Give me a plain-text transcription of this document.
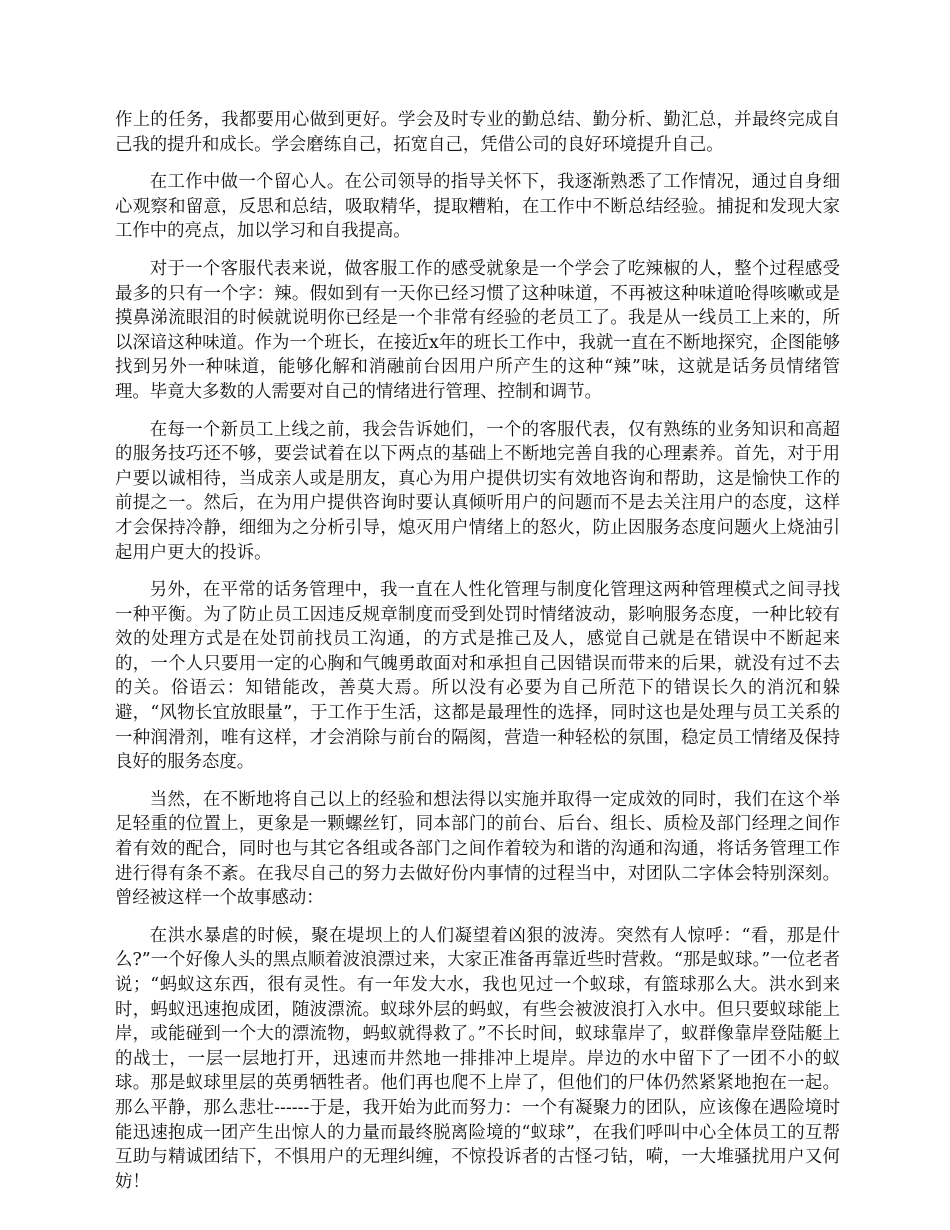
作上的任务，我都要用心做到更好。学会及时专业的勤总结、勤分析、勤汇总，并最终完成自己我的提升和成长。学会磨练自己，拓宽自己，凭借公司的良好环境提升自己。

在工作中做一个留心人。在公司领导的指导关怀下，我逐渐熟悉了工作情况，通过自身细心观察和留意，反思和总结，吸取精华，提取糟粕，在工作中不断总结经验。捕捉和发现大家工作中的亮点，加以学习和自我提高。

对于一个客服代表来说，做客服工作的感受就象是一个学会了吃辣椒的人，整个过程感受最多的只有一个字：辣。假如到有一天你已经习惯了这种味道，不再被这种味道呛得咳嗽或是摸鼻涕流眼泪的时候就说明你已经是一个非常有经验的老员工了。我是从一线员工上来的，所以深谙这种味道。作为一个班长，在接近x年的班长工作中，我就一直在不断地探究，企图能够找到另外一种味道，能够化解和消融前台因用户所产生的这种“辣”味，这就是话务员情绪管理。毕竟大多数的人需要对自己的情绪进行管理、控制和调节。

在每一个新员工上线之前，我会告诉她们，一个的客服代表，仅有熟练的业务知识和高超的服务技巧还不够，要尝试着在以下两点的基础上不断地完善自我的心理素养。首先，对于用户要以诚相待，当成亲人或是朋友，真心为用户提供切实有效地咨询和帮助，这是愉快工作的前提之一。然后，在为用户提供咨询时要认真倾听用户的问题而不是去关注用户的态度，这样才会保持冷静，细细为之分析引导，熄灭用户情绪上的怒火，防止因服务态度问题火上烧油引起用户更大的投诉。

另外，在平常的话务管理中，我一直在人性化管理与制度化管理这两种管理模式之间寻找一种平衡。为了防止员工因违反规章制度而受到处罚时情绪波动，影响服务态度，一种比较有效的处理方式是在处罚前找员工沟通，的方式是推己及人，感觉自己就是在错误中不断起来的，一个人只要用一定的心胸和气魄勇敢面对和承担自己因错误而带来的后果，就没有过不去的关。俗语云：知错能改，善莫大焉。所以没有必要为自己所范下的错误长久的消沉和躲避，“风物长宜放眼量”，于工作于生活，这都是最理性的选择，同时这也是处理与员工关系的一种润滑剂，唯有这样，才会消除与前台的隔阂，营造一种轻松的氛围，稳定员工情绪及保持良好的服务态度。

当然，在不断地将自己以上的经验和想法得以实施并取得一定成效的同时，我们在这个举足轻重的位置上，更象是一颗螺丝钉，同本部门的前台、后台、组长、质检及部门经理之间作着有效的配合，同时也与其它各组或各部门之间作着较为和谐的沟通和沟通，将话务管理工作进行得有条不紊。在我尽自己的努力去做好份内事情的过程当中，对团队二字体会特别深刻。曾经被这样一个故事感动：

在洪水暴虐的时候，聚在堤坝上的人们凝望着凶狠的波涛。突然有人惊呼：“看，那是什么?”一个好像人头的黑点顺着波浪漂过来，大家正准备再靠近些时营救。“那是蚁球。”一位老者说；“蚂蚁这东西，很有灵性。有一年发大水，我也见过一个蚁球，有篮球那么大。洪水到来时，蚂蚁迅速抱成团，随波漂流。蚁球外层的蚂蚁，有些会被波浪打入水中。但只要蚁球能上岸，或能碰到一个大的漂流物，蚂蚁就得救了。”不长时间，蚁球靠岸了，蚁群像靠岸登陆艇上的战士，一层一层地打开，迅速而井然地一排排冲上堤岸。岸边的水中留下了一团不小的蚁球。那是蚁球里层的英勇牺牲者。他们再也爬不上岸了，但他们的尸体仍然紧紧地抱在一起。那么平静，那么悲壮------于是，我开始为此而努力：一个有凝聚力的团队，应该像在遇险境时能迅速抱成一团产生出惊人的力量而最终脱离险境的“蚁球”，在我们呼叫中心全体员工的互帮互助与精诚团结下，不惧用户的无理纠缠，不惊投诉者的古怪刁钻，嗬，一大堆骚扰用户又何妨！
